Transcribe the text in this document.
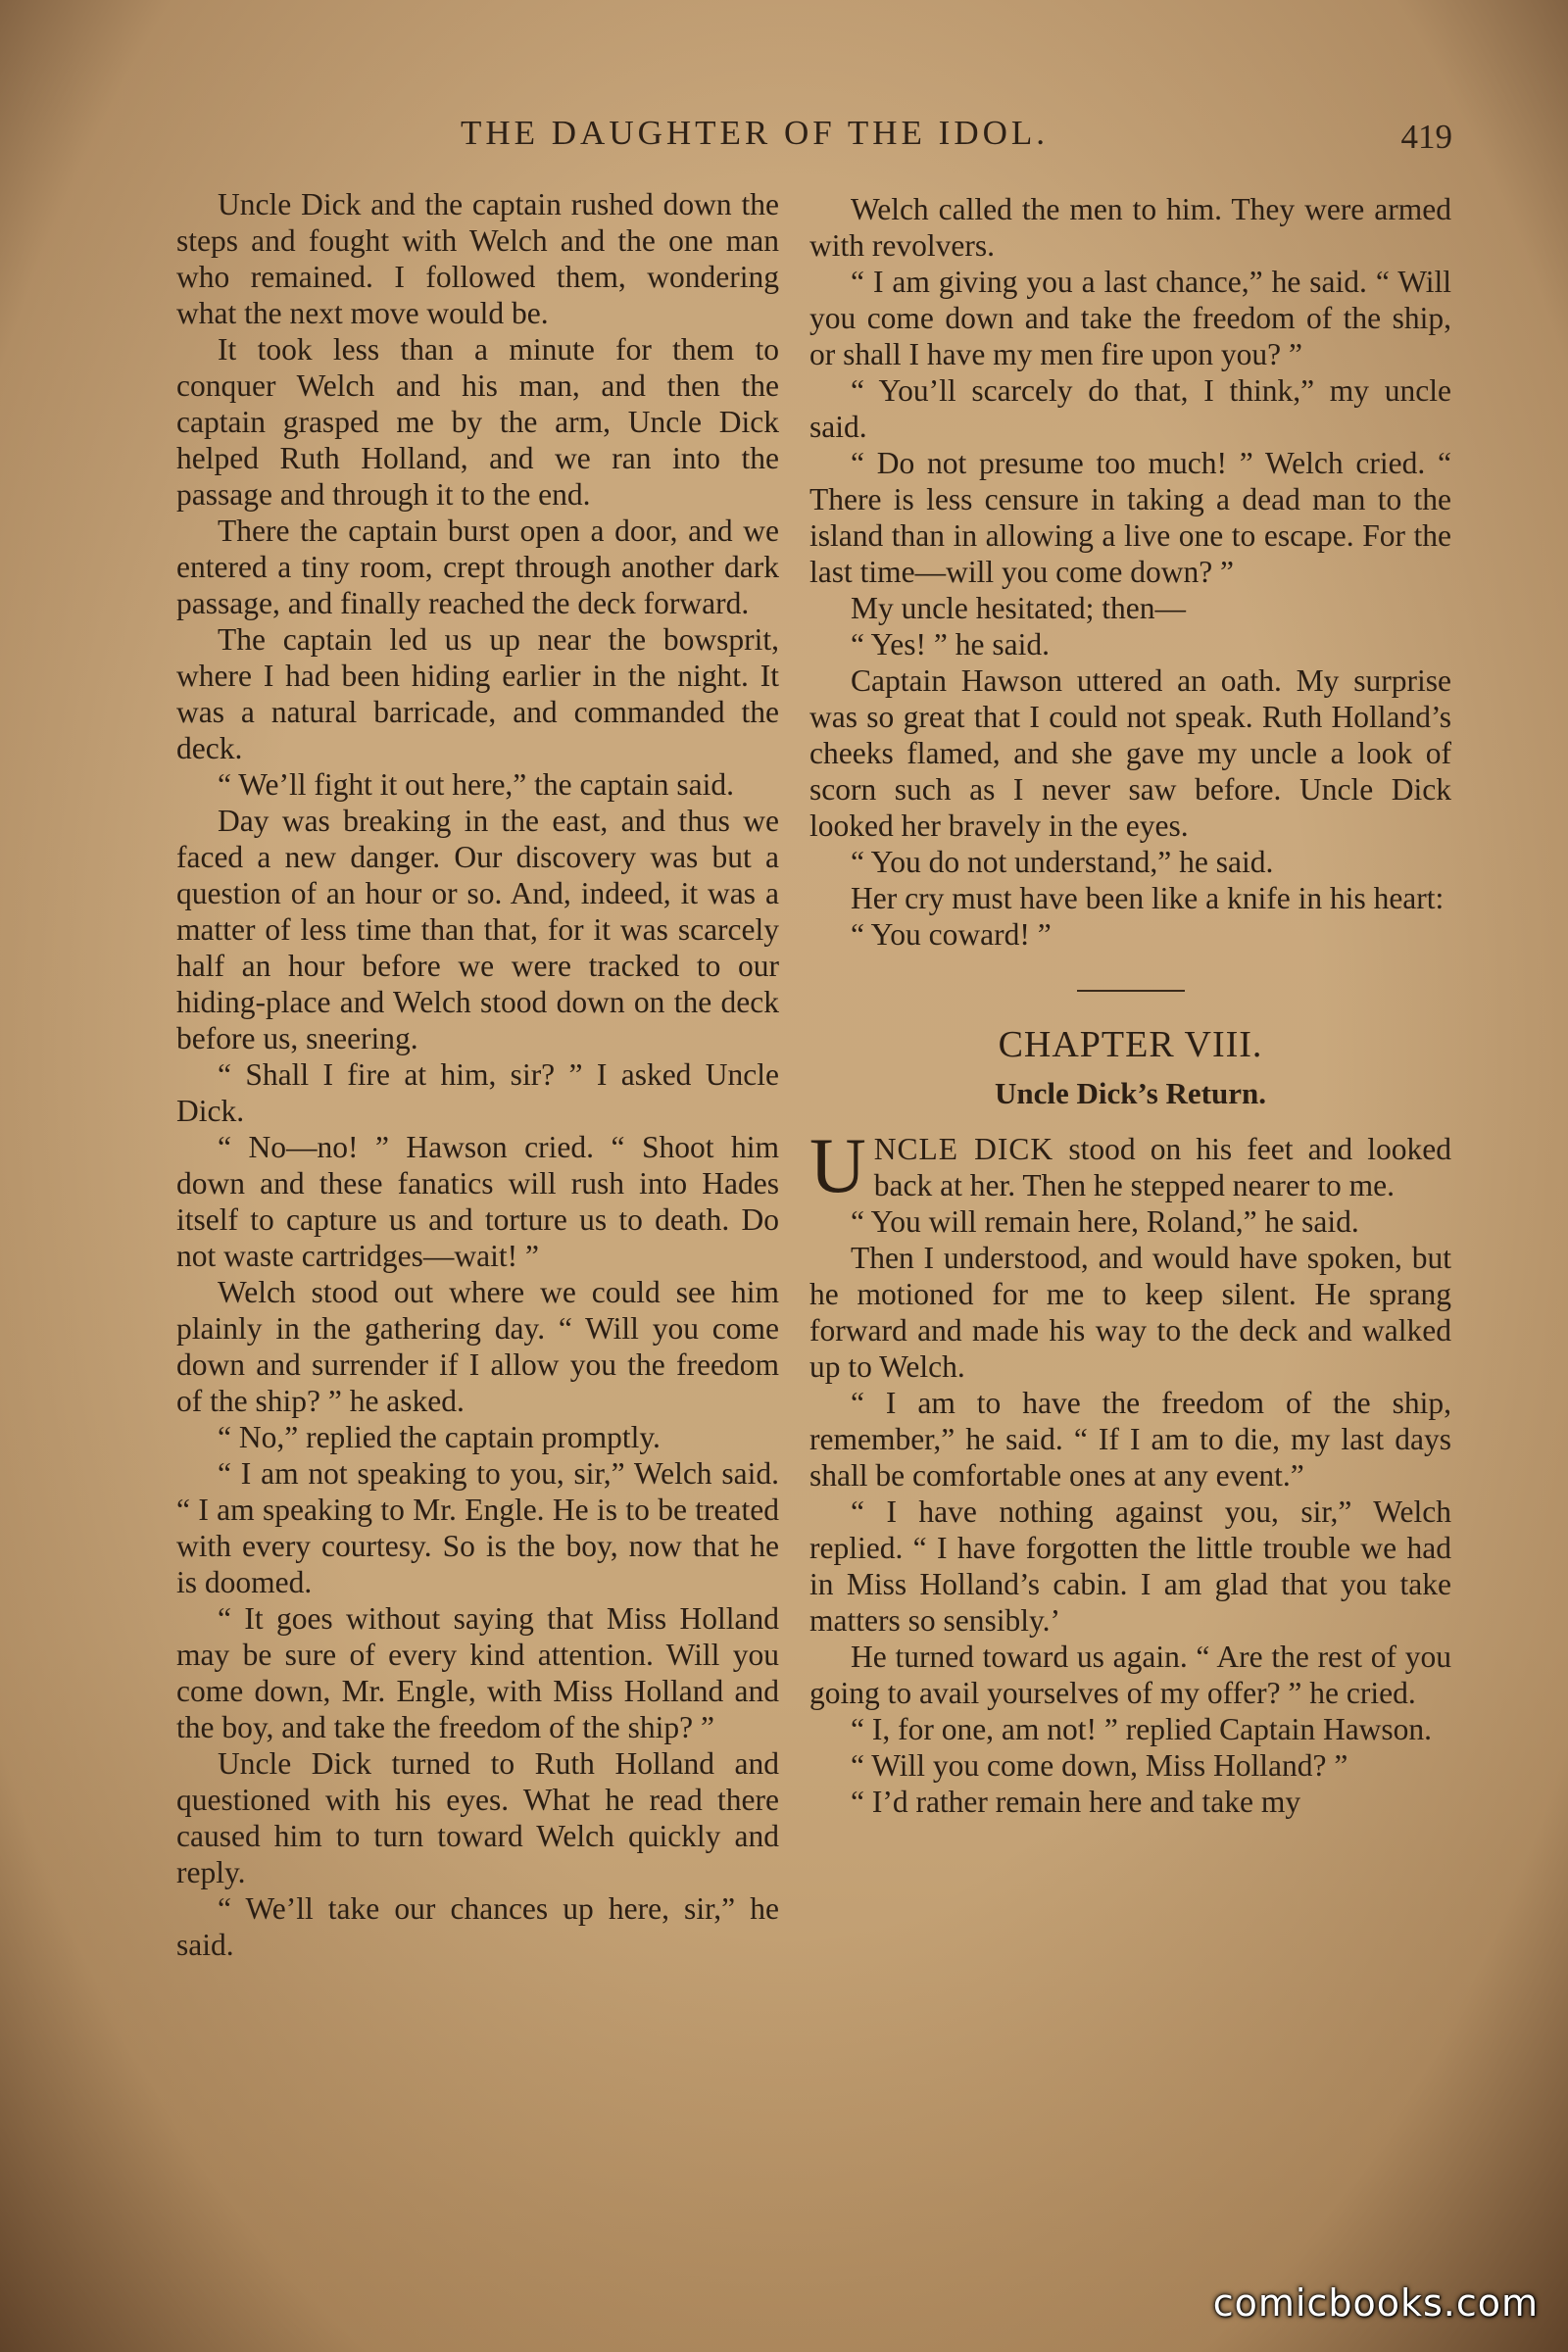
THE DAUGHTER OF THE IDOL.	419

Uncle Dick and the captain rushed down the steps and fought with Welch and the one man who remained. I followed them, wondering what the next move would be.

It took less than a minute for them to conquer Welch and his man, and then the captain grasped me by the arm, Uncle Dick helped Ruth Holland, and we ran into the passage and through it to the end.

There the captain burst open a door, and we entered a tiny room, crept through another dark passage, and finally reached the deck forward.

The captain led us up near the bowsprit, where I had been hiding earlier in the night. It was a natural barricade, and commanded the deck.

“ We’ll fight it out here,” the captain said.

Day was breaking in the east, and thus we faced a new danger. Our discovery was but a question of an hour or so. And, indeed, it was a matter of less time than that, for it was scarcely half an hour before we were tracked to our hiding-place and Welch stood down on the deck before us, sneering.

“ Shall I fire at him, sir? ” I asked Uncle Dick.

“ No—no! ” Hawson cried. “ Shoot him down and these fanatics will rush into Hades itself to capture us and torture us to death. Do not waste cartridges—wait! ”

Welch stood out where we could see him plainly in the gathering day. “ Will you come down and surrender if I allow you the freedom of the ship? ” he asked.

“ No,” replied the captain promptly.

“ I am not speaking to you, sir,” Welch said. “ I am speaking to Mr. Engle. He is to be treated with every courtesy. So is the boy, now that he is doomed.

“ It goes without saying that Miss Holland may be sure of every kind attention. Will you come down, Mr. Engle, with Miss Holland and the boy, and take the freedom of the ship? ”

Uncle Dick turned to Ruth Holland and questioned with his eyes. What he read there caused him to turn toward Welch quickly and reply.

“ We’ll take our chances up here, sir,” he said.

Welch called the men to him. They were armed with revolvers.

“ I am giving you a last chance,” he said. “ Will you come down and take the freedom of the ship, or shall I have my men fire upon you? ”

“ You’ll scarcely do that, I think,” my uncle said.

“ Do not presume too much! ” Welch cried. “ There is less censure in taking a dead man to the island than in allowing a live one to escape. For the last time—will you come down? ”

My uncle hesitated; then—

“ Yes! ” he said.

Captain Hawson uttered an oath. My surprise was so great that I could not speak. Ruth Holland’s cheeks flamed, and she gave my uncle a look of scorn such as I never saw before. Uncle Dick looked her bravely in the eyes.

“ You do not understand,” he said.

Her cry must have been like a knife in his heart:

“ You coward! ”

CHAPTER VIII.

Uncle Dick’s Return.

UNCLE DICK stood on his feet and looked back at her. Then he stepped nearer to me.

“ You will remain here, Roland,” he said.

Then I understood, and would have spoken, but he motioned for me to keep silent. He sprang forward and made his way to the deck and walked up to Welch.

“ I am to have the freedom of the ship, remember,” he said. “ If I am to die, my last days shall be comfortable ones at any event.”

“ I have nothing against you, sir,” Welch replied. “ I have forgotten the little trouble we had in Miss Holland’s cabin. I am glad that you take matters so sensibly.’

He turned toward us again. “ Are the rest of you going to avail yourselves of my offer? ” he cried.

“ I, for one, am not! ” replied Captain Hawson.

“ Will you come down, Miss Holland? ”

“ I’d rather remain here and take my

comicbooks.com
